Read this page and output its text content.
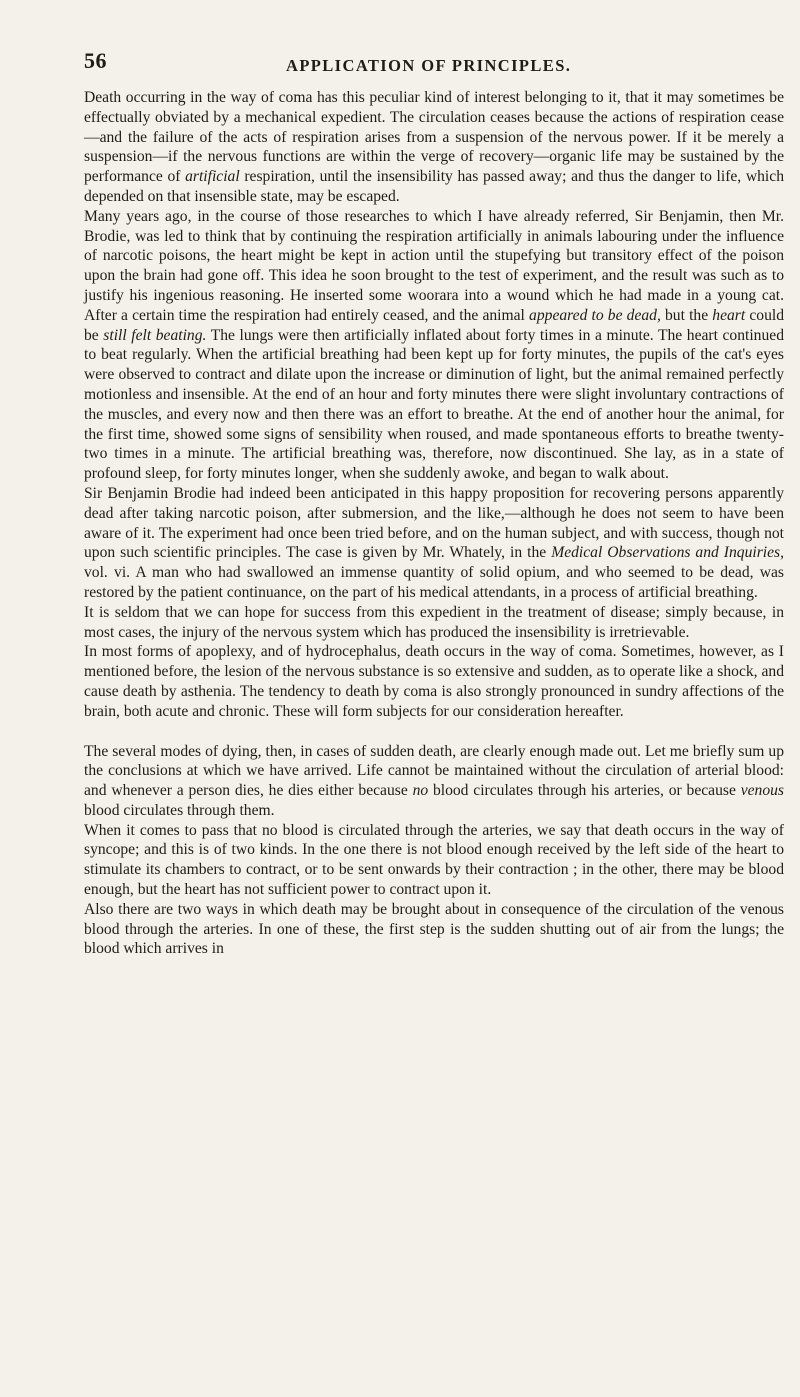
56	APPLICATION OF PRINCIPLES.

Death occurring in the way of coma has this peculiar kind of interest belonging to it, that it may sometimes be effectually obviated by a mechanical expedient. The circulation ceases because the actions of respiration cease—and the failure of the acts of respiration arises from a suspension of the nervous power. If it be merely a suspension—if the nervous functions are within the verge of recovery—organic life may be sustained by the performance of artificial respiration, until the insensibility has passed away; and thus the danger to life, which depended on that insensible state, may be escaped.

Many years ago, in the course of those researches to which I have already referred, Sir Benjamin, then Mr. Brodie, was led to think that by continuing the respiration artificially in animals labouring under the influence of narcotic poisons, the heart might be kept in action until the stupefying but transitory effect of the poison upon the brain had gone off. This idea he soon brought to the test of experiment, and the result was such as to justify his ingenious reasoning. He inserted some woorara into a wound which he had made in a young cat. After a certain time the respiration had entirely ceased, and the animal appeared to be dead, but the heart could be still felt beating. The lungs were then artificially inflated about forty times in a minute. The heart continued to beat regularly. When the artificial breathing had been kept up for forty minutes, the pupils of the cat's eyes were observed to contract and dilate upon the increase or diminution of light, but the animal remained perfectly motionless and insensible. At the end of an hour and forty minutes there were slight involuntary contractions of the muscles, and every now and then there was an effort to breathe. At the end of another hour the animal, for the first time, showed some signs of sensibility when roused, and made spontaneous efforts to breathe twenty-two times in a minute. The artificial breathing was, therefore, now discontinued. She lay, as in a state of profound sleep, for forty minutes longer, when she suddenly awoke, and began to walk about.

Sir Benjamin Brodie had indeed been anticipated in this happy proposition for recovering persons apparently dead after taking narcotic poison, after submersion, and the like,—although he does not seem to have been aware of it. The experiment had once been tried before, and on the human subject, and with success, though not upon such scientific principles. The case is given by Mr. Whately, in the Medical Observations and Inquiries, vol. vi. A man who had swallowed an immense quantity of solid opium, and who seemed to be dead, was restored by the patient continuance, on the part of his medical attendants, in a process of artificial breathing.

It is seldom that we can hope for success from this expedient in the treatment of disease; simply because, in most cases, the injury of the nervous system which has produced the insensibility is irretrievable.

In most forms of apoplexy, and of hydrocephalus, death occurs in the way of coma. Sometimes, however, as I mentioned before, the lesion of the nervous substance is so extensive and sudden, as to operate like a shock, and cause death by asthenia. The tendency to death by coma is also strongly pronounced in sundry affections of the brain, both acute and chronic. These will form subjects for our consideration hereafter.

The several modes of dying, then, in cases of sudden death, are clearly enough made out. Let me briefly sum up the conclusions at which we have arrived. Life cannot be maintained without the circulation of arterial blood: and whenever a person dies, he dies either because no blood circulates through his arteries, or because venous blood circulates through them.

When it comes to pass that no blood is circulated through the arteries, we say that death occurs in the way of syncope; and this is of two kinds. In the one there is not blood enough received by the left side of the heart to stimulate its chambers to contract, or to be sent onwards by their contraction ; in the other, there may be blood enough, but the heart has not sufficient power to contract upon it.

Also there are two ways in which death may be brought about in consequence of the circulation of the venous blood through the arteries. In one of these, the first step is the sudden shutting out of air from the lungs; the blood which arrives in
